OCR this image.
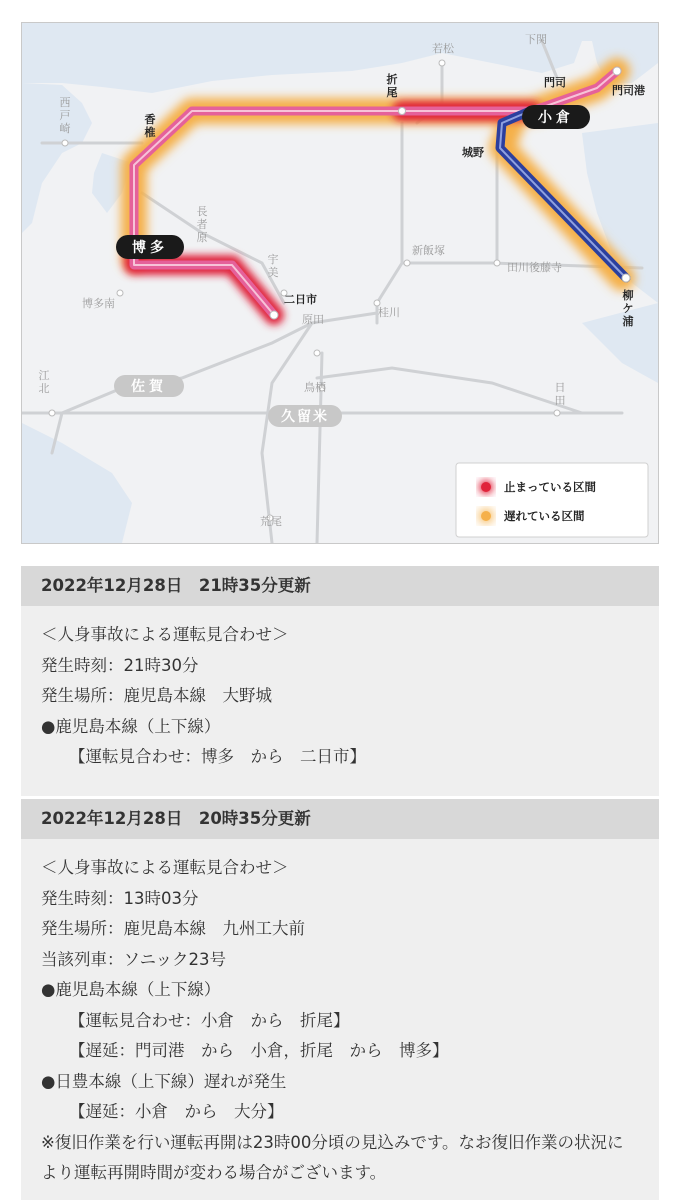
若松
下関
門司
門司港
城野
新飯塚
田川後藤寺
博多南	二日市
原田
桂川
鳥栖
荒尾
折
尾
西
戸
崎
香
椎
長
者
原
宇
美
柳
ケ
浦
江
北	日
田
小倉
博多
佐賀
久留米
止まっている区間
遅れている区間
2022年12月28日　21時35分更新
＜人身事故による運転見合わせ＞
発生時刻：21時30分
発生場所：鹿児島本線　大野城
●鹿児島本線（上下線）
【運転見合わせ：博多　から　二日市】
2022年12月28日　20時35分更新
＜人身事故による運転見合わせ＞
発生時刻：13時03分
発生場所：鹿児島本線　九州工大前
当該列車：ソニック23号
●鹿児島本線（上下線）
【運転見合わせ：小倉　から　折尾】
【遅延：門司港　から　小倉，折尾　から　博多】
●日豊本線（上下線）遅れが発生
【遅延：小倉　から　大分】
※復旧作業を行い運転再開は23時00分頃の見込みです。なお復旧作業の状況により運転再開時間が変わる場合がございます。
